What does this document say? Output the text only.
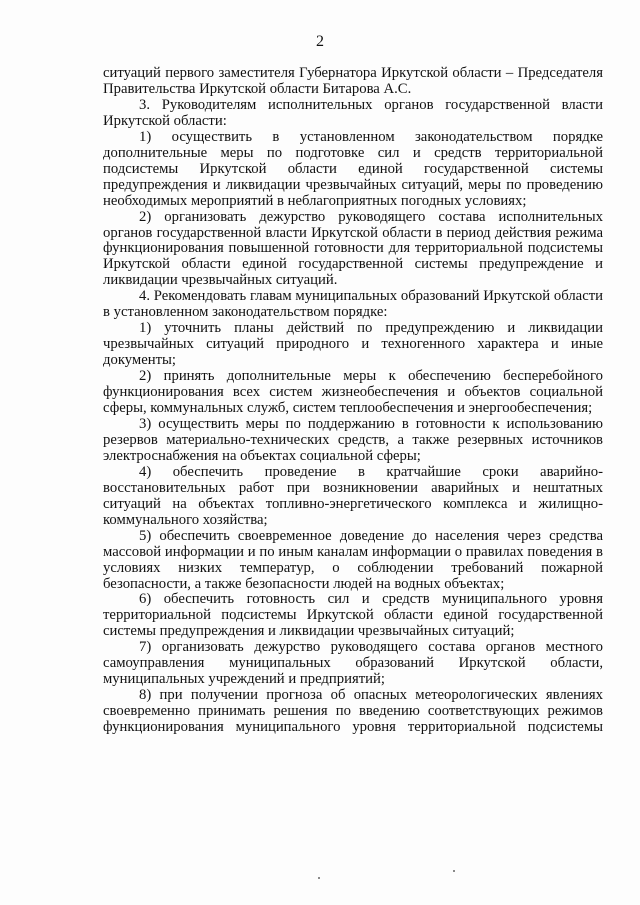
2

ситуаций первого заместителя Губернатора Иркутской области – Председателя Правительства Иркутской области Битарова А.С.

3. Руководителям исполнительных органов государственной власти Иркутской области:

1) осуществить в установленном законодательством порядке дополнительные меры по подготовке сил и средств территориальной подсистемы Иркутской области единой государственной системы предупреждения и ликвидации чрезвычайных ситуаций, меры по проведению необходимых мероприятий в неблагоприятных погодных условиях;

2) организовать дежурство руководящего состава исполнительных органов государственной власти Иркутской области в период действия режима функционирования повышенной готовности для территориальной подсистемы Иркутской области единой государственной системы предупреждение и ликвидации чрезвычайных ситуаций.

4. Рекомендовать главам муниципальных образований Иркутской области в установленном законодательством порядке:

1) уточнить планы действий по предупреждению и ликвидации чрезвычайных ситуаций природного и техногенного характера и иные документы;

2) принять дополнительные меры к обеспечению бесперебойного функционирования всех систем жизнеобеспечения и объектов социальной сферы, коммунальных служб, систем теплообеспечения и энергообеспечения;

3) осуществить меры по поддержанию в готовности к использованию резервов материально-технических средств, а также резервных источников электроснабжения на объектах социальной сферы;

4) обеспечить проведение в кратчайшие сроки аварийно-восстановительных работ при возникновении аварийных и нештатных ситуаций на объектах топливно-энергетического комплекса и жилищно-коммунального хозяйства;

5) обеспечить своевременное доведение до населения через средства массовой информации и по иным каналам информации о правилах поведения в условиях низких температур, о соблюдении требований пожарной безопасности, а также безопасности людей на водных объектах;

6) обеспечить готовность сил и средств муниципального уровня территориальной подсистемы Иркутской области единой государственной системы предупреждения и ликвидации чрезвычайных ситуаций;

7) организовать дежурство руководящего состава органов местного самоуправления муниципальных образований Иркутской области, муниципальных учреждений и предприятий;

8) при получении прогноза об опасных метеорологических явлениях своевременно принимать решения по введению соответствующих режимов функционирования муниципального уровня территориальной подсистемы
